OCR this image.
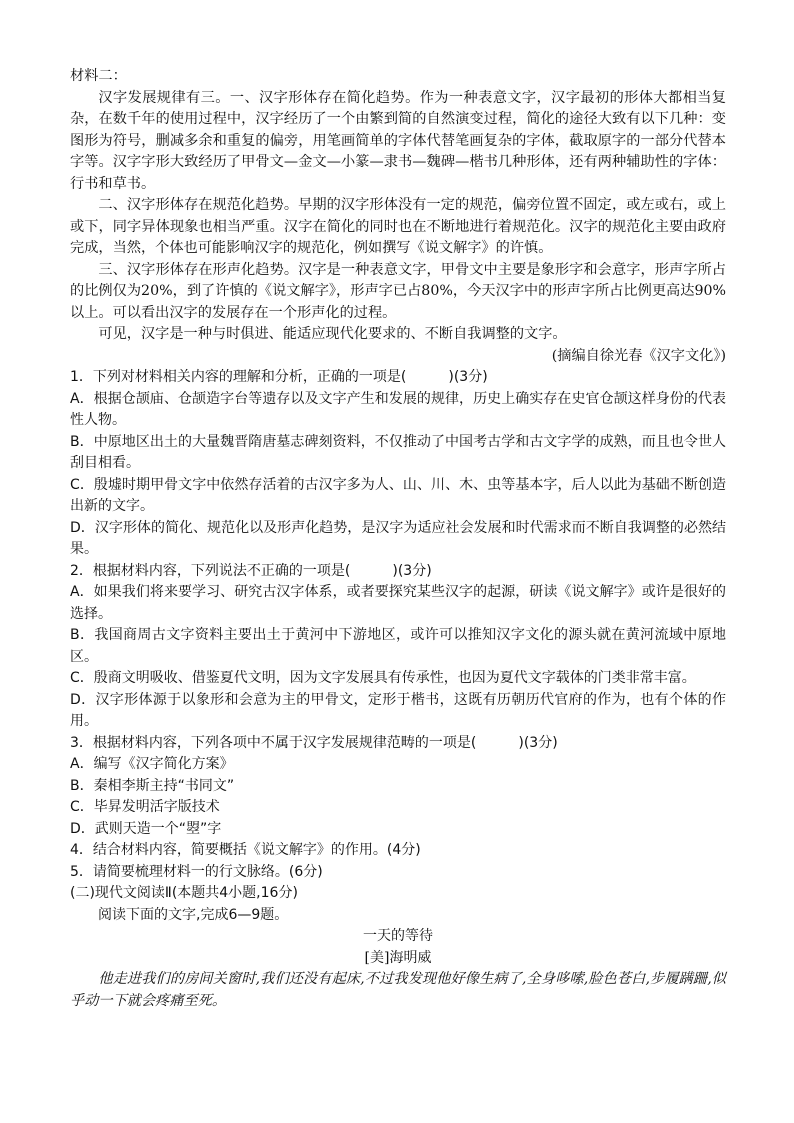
材料二：

汉字发展规律有三。一、汉字形体存在简化趋势。作为一种表意文字，汉字最初的形体大都相当复杂，在数千年的使用过程中，汉字经历了一个由繁到简的自然演变过程，简化的途径大致有以下几种：变图形为符号，删减多余和重复的偏旁，用笔画简单的字体代替笔画复杂的字体，截取原字的一部分代替本字等。汉字字形大致经历了甲骨文—金文—小篆—隶书—魏碑—楷书几种形体，还有两种辅助性的字体：行书和草书。

二、汉字形体存在规范化趋势。早期的汉字形体没有一定的规范，偏旁位置不固定，或左或右，或上或下，同字异体现象也相当严重。汉字在简化的同时也在不断地进行着规范化。汉字的规范化主要由政府完成，当然，个体也可能影响汉字的规范化，例如撰写《说文解字》的许慎。

三、汉字形体存在形声化趋势。汉字是一种表意文字，甲骨文中主要是象形字和会意字，形声字所占的比例仅为20%，到了许慎的《说文解字》，形声字已占80%，今天汉字中的形声字所占比例更高达90%以上。可以看出汉字的发展存在一个形声化的过程。

可见，汉字是一种与时俱进、能适应现代化要求的、不断自我调整的文字。

(摘编自徐光春《汉字文化》)

1．下列对材料相关内容的理解和分析，正确的一项是(　　　)(3分)

A．根据仓颉庙、仓颉造字台等遗存以及文字产生和发展的规律，历史上确实存在史官仓颉这样身份的代表性人物。

B．中原地区出土的大量魏晋隋唐墓志碑刻资料，不仅推动了中国考古学和古文字学的成熟，而且也令世人刮目相看。

C．殷墟时期甲骨文字中依然存活着的古汉字多为人、山、川、木、虫等基本字，后人以此为基础不断创造出新的文字。

D．汉字形体的简化、规范化以及形声化趋势，是汉字为适应社会发展和时代需求而不断自我调整的必然结果。

2．根据材料内容，下列说法不正确的一项是(　　　)(3分)

A．如果我们将来要学习、研究古汉字体系，或者要探究某些汉字的起源，研读《说文解字》或许是很好的选择。

B．我国商周古文字资料主要出土于黄河中下游地区，或许可以推知汉字文化的源头就在黄河流域中原地区。

C．殷商文明吸收、借鉴夏代文明，因为文字发展具有传承性，也因为夏代文字载体的门类非常丰富。

D．汉字形体源于以象形和会意为主的甲骨文，定形于楷书，这既有历朝历代官府的作为，也有个体的作用。

3．根据材料内容，下列各项中不属于汉字发展规律范畴的一项是(　　　)(3分)

A．编写《汉字简化方案》

B．秦相李斯主持“书同文”

C．毕昇发明活字版技术

D．武则天造一个“曌”字

4．结合材料内容，简要概括《说文解字》的作用。(4分)

5．请简要梳理材料一的行文脉络。(6分)

(二)现代文阅读Ⅱ(本题共4小题,16分)

阅读下面的文字,完成6—9题。

一天的等待

[美]海明威

他走进我们的房间关窗时,我们还没有起床,不过我发现他好像生病了,全身哆嗦,脸色苍白,步履蹒跚,似乎动一下就会疼痛至死。
